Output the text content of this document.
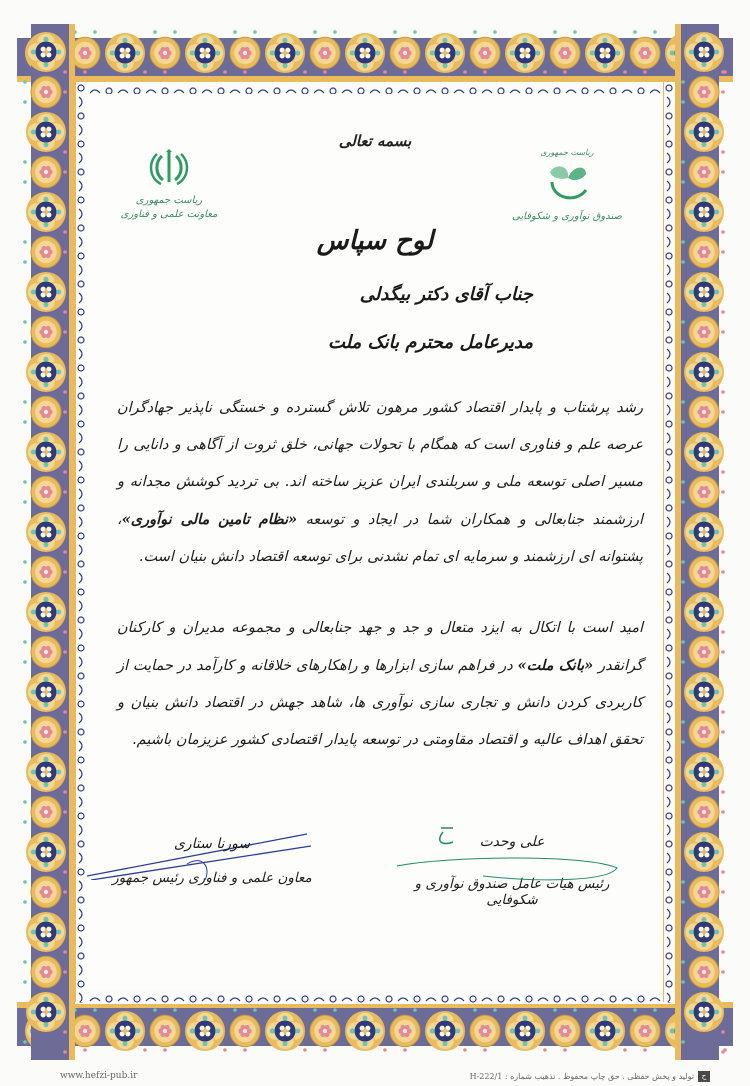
بسمه تعالی
ریاست جمهوری
معاونت علمی و فناوری
ریاست جمهوری
صندوق نوآوری و شکوفایی
لوح سپاس
جناب آقای دکتر بیگدلی
مدیرعامل محترم بانک ملت
رشد پرشتاب و پایدار اقتصاد کشور مرهون تلاش گسترده و خستگی ناپذیر جهادگران عرصه علم و فناوری است که همگام با تحولات جهانی، خلق ثروت از آگاهی و دانایی را مسیر اصلی توسعه ملی و سربلندی ایران عزیز ساخته اند. بی تردید کوشش مجدانه و ارزشمند جنابعالی و همکاران شما در ایجاد و توسعه «نظام تامین مالی نوآوری»، پشتوانه ای ارزشمند و سرمایه ای تمام نشدنی برای توسعه اقتصاد دانش بنیان است.
امید است با اتکال به ایزد متعال و جد و جهد جنابعالی و مجموعه مدیران و کارکنان گرانقدر «بانک ملت» در فراهم سازی ابزارها و راهکارهای خلاقانه و کارآمد در حمایت از کاربردی کردن دانش و تجاری سازی نوآوری ها، شاهد جهش در اقتصاد دانش بنیان و تحقق اهداف عالیه و اقتصاد مقاومتی در توسعه پایدار اقتصادی کشور عزیزمان باشیم.
سورنا ستاری
معاون علمی و فناوری رئیس جمهور
علی وحدت
رئیس هیات عامل صندوق نوآوری و شکوفایی
www.hefzi-pub.ir	تولید و پخش حفظی . حق چاپ محفوظ . تذهیب شماره : H-222/1	ح
